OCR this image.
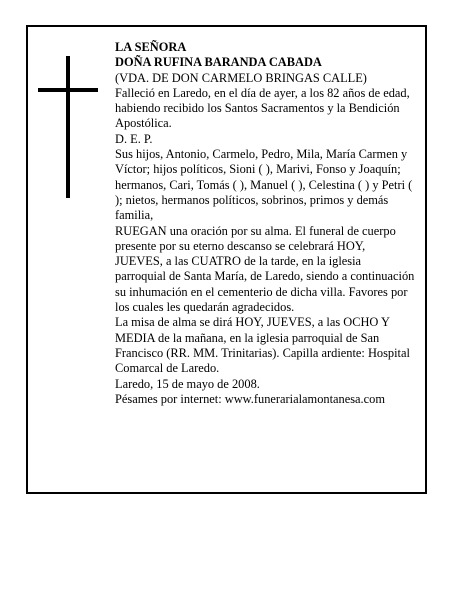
LA SEÑORA

DOÑA RUFINA BARANDA CABADA

(VDA. DE DON CARMELO BRINGAS CALLE)

Falleció en Laredo, en el día de ayer, a los 82 años de edad, habiendo recibido los Santos Sacramentos y la Bendición Apostólica.

D. E. P.

Sus hijos, Antonio, Carmelo, Pedro, Mila, María Carmen y Víctor; hijos políticos, Sioni ( ), Marivi, Fonso y Joaquín; hermanos, Cari, Tomás ( ), Manuel ( ), Celestina ( ) y Petri ( ); nietos, hermanos políticos, sobrinos, primos y demás familia,

RUEGAN una oración por su alma. El funeral de cuerpo presente por su eterno descanso se celebrará HOY, JUEVES, a las CUATRO de la tarde, en la iglesia parroquial de Santa María, de Laredo, siendo a continuación su inhumación en el cementerio de dicha villa. Favores por los cuales les quedarán agradecidos.

La misa de alma se dirá HOY, JUEVES, a las OCHO Y MEDIA de la mañana, en la iglesia parroquial de San Francisco (RR. MM. Trinitarias). Capilla ardiente: Hospital Comarcal de Laredo.

Laredo, 15 de mayo de 2008.

Pésames por internet: www.funerarialamontanesa.com
